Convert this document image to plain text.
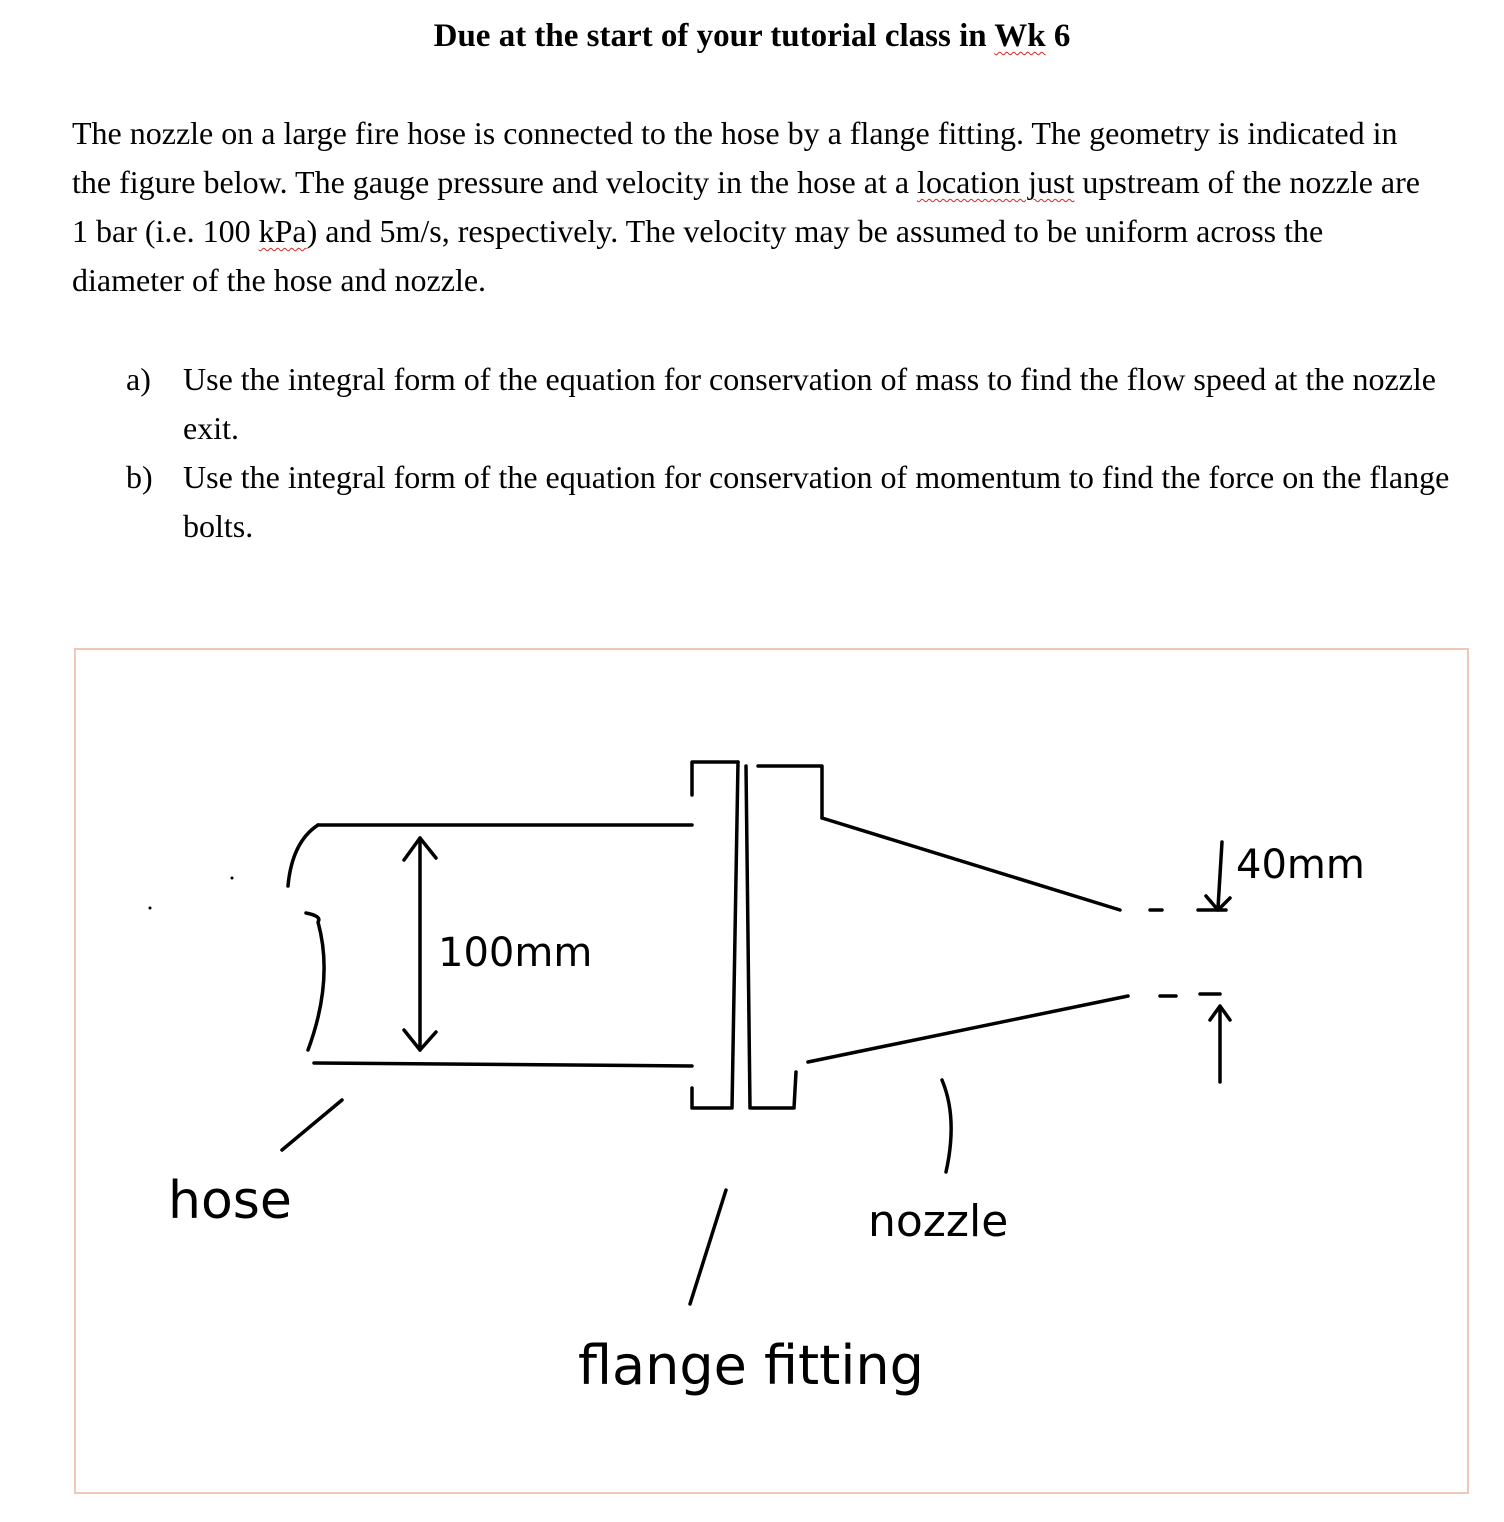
Due at the start of your tutorial class in Wk 6
The nozzle on a large fire hose is connected to the hose by a flange fitting. The geometry is indicated in the figure below. The gauge pressure and velocity in the hose at a location just upstream of the nozzle are 1 bar (i.e. 100 kPa) and 5m/s, respectively. The velocity may be assumed to be uniform across the diameter of the hose and nozzle.
a)	Use the integral form of the equation for conservation of mass to find the flow speed at the nozzle exit.
b) Use the integral form of the equation for conservation of momentum to find the force on the flange bolts.
100mm
40mm
hose	nozzle
flange fitting
